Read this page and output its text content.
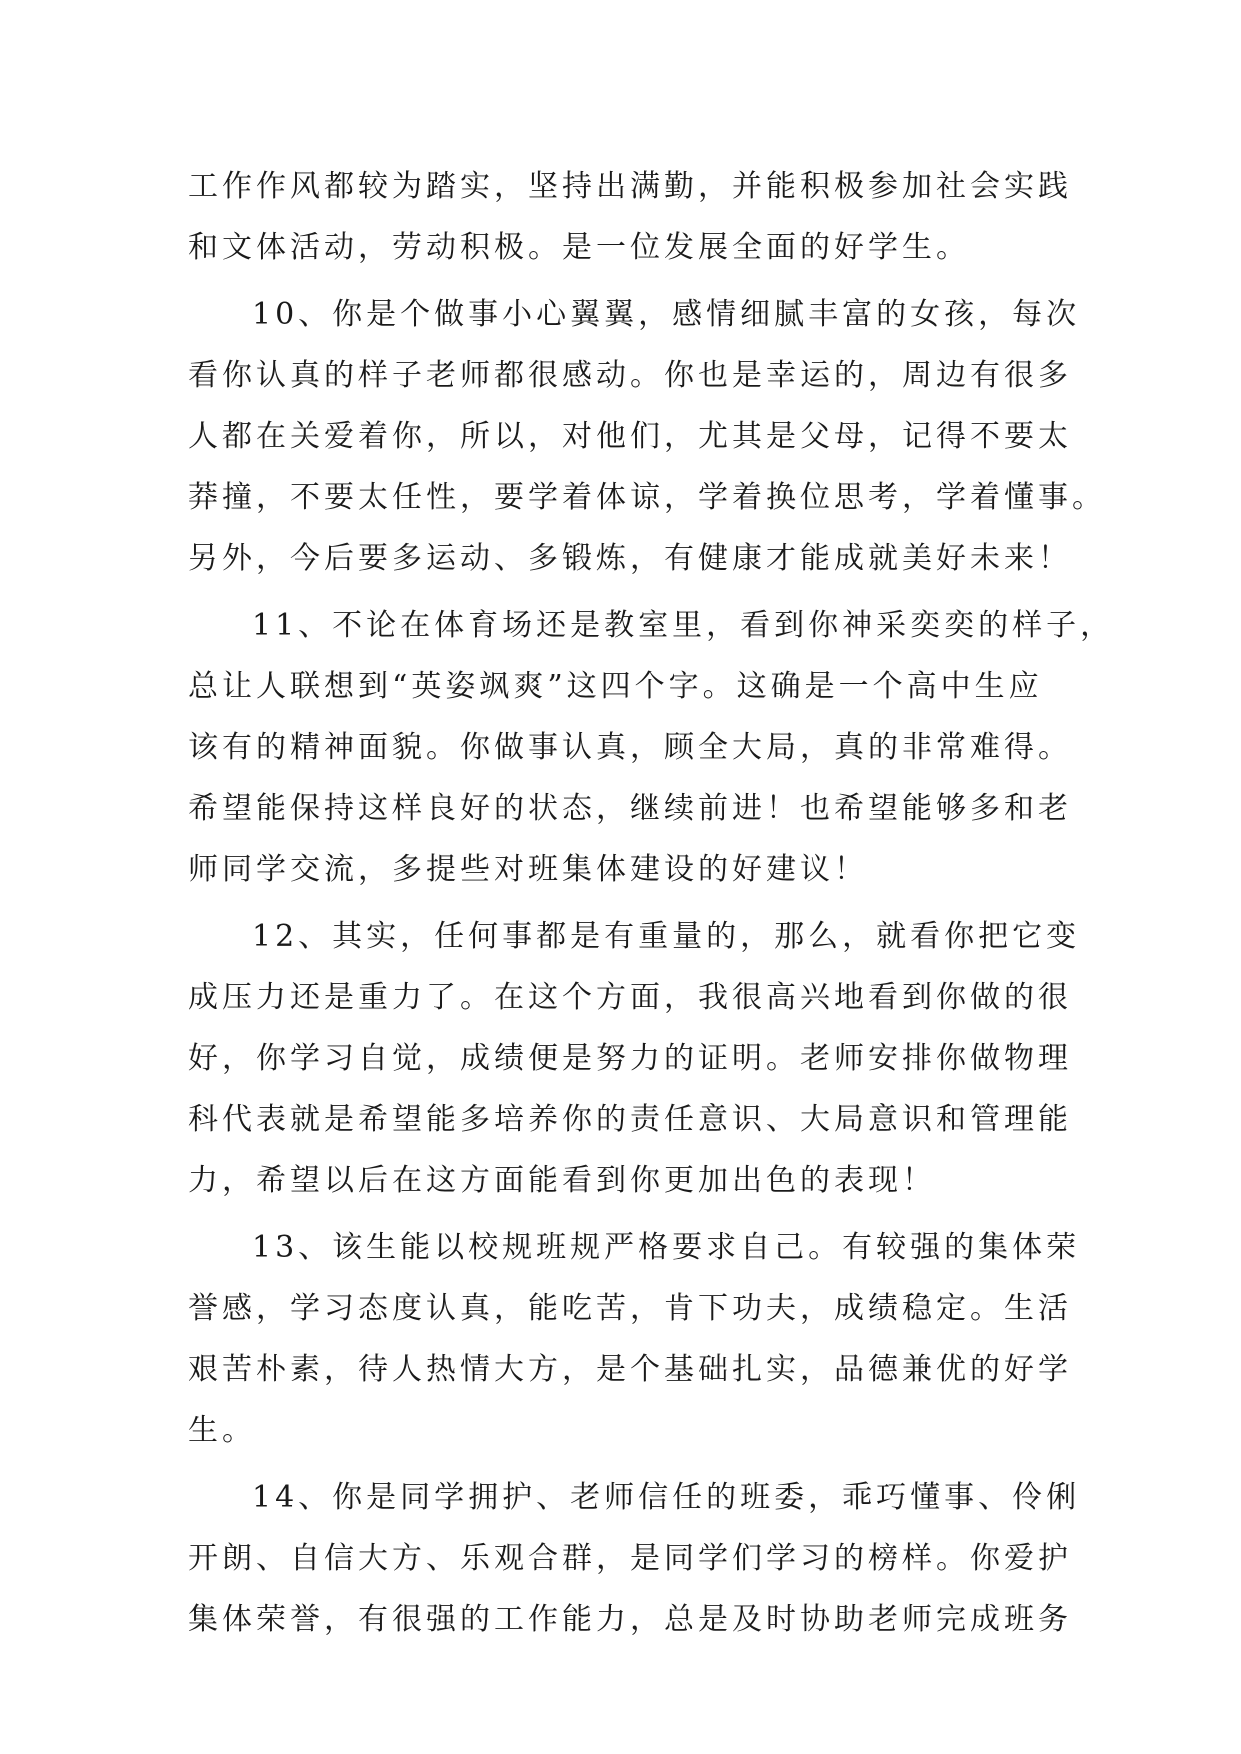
工作作风都较为踏实，坚持出满勤，并能积极参加社会实践
和文体活动，劳动积极。是一位发展全面的好学生。
10、你是个做事小心翼翼，感情细腻丰富的女孩，每次
看你认真的样子老师都很感动。你也是幸运的，周边有很多
人都在关爱着你，所以，对他们，尤其是父母，记得不要太
莽撞，不要太任性，要学着体谅，学着换位思考，学着懂事。
另外，今后要多运动、多锻炼，有健康才能成就美好未来！
11、不论在体育场还是教室里，看到你神采奕奕的样子，
总让人联想到“英姿飒爽”这四个字。这确是一个高中生应
该有的精神面貌。你做事认真，顾全大局，真的非常难得。
希望能保持这样良好的状态，继续前进！也希望能够多和老
师同学交流，多提些对班集体建设的好建议！
12、其实，任何事都是有重量的，那么，就看你把它变
成压力还是重力了。在这个方面，我很高兴地看到你做的很
好，你学习自觉，成绩便是努力的证明。老师安排你做物理
科代表就是希望能多培养你的责任意识、大局意识和管理能
力，希望以后在这方面能看到你更加出色的表现！
13、该生能以校规班规严格要求自己。有较强的集体荣
誉感，学习态度认真，能吃苦，肯下功夫，成绩稳定。生活
艰苦朴素，待人热情大方，是个基础扎实，品德兼优的好学
生。
14、你是同学拥护、老师信任的班委，乖巧懂事、伶俐
开朗、自信大方、乐观合群，是同学们学习的榜样。你爱护
集体荣誉，有很强的工作能力，总是及时协助老师完成班务
